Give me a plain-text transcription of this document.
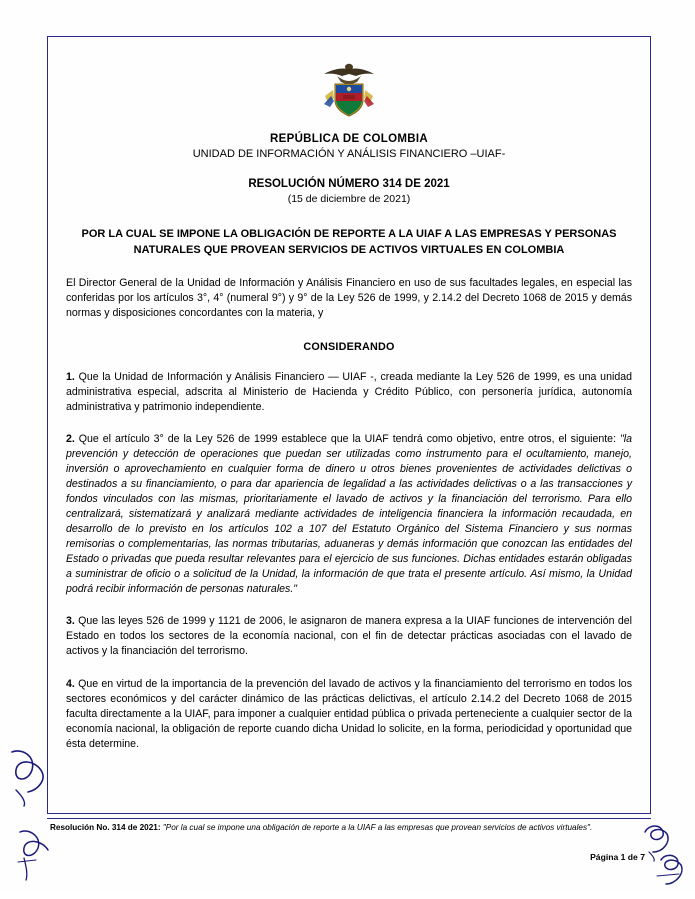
REPÚBLICA DE COLOMBIA
UNIDAD DE INFORMACIÓN Y ANÁLISIS FINANCIERO –UIAF-
RESOLUCIÓN NÚMERO 314 DE 2021
(15 de diciembre de 2021)
POR LA CUAL SE IMPONE LA OBLIGACIÓN DE REPORTE A LA UIAF A LAS EMPRESAS Y PERSONAS NATURALES QUE PROVEAN SERVICIOS DE ACTIVOS VIRTUALES EN COLOMBIA
El Director General de la Unidad de Información y Análisis Financiero en uso de sus facultades legales, en especial las conferidas por los artículos 3°, 4° (numeral 9°) y 9° de la Ley 526 de 1999, y 2.14.2 del Decreto 1068 de 2015 y demás normas y disposiciones concordantes con la materia, y
CONSIDERANDO
1. Que la Unidad de Información y Análisis Financiero — UIAF -, creada mediante la Ley 526 de 1999, es una unidad administrativa especial, adscrita al Ministerio de Hacienda y Crédito Público, con personería jurídica, autonomía administrativa y patrimonio independiente.
2. Que el artículo 3° de la Ley 526 de 1999 establece que la UIAF tendrá como objetivo, entre otros, el siguiente: "la prevención y detección de operaciones que puedan ser utilizadas como instrumento para el ocultamiento, manejo, inversión o aprovechamiento en cualquier forma de dinero u otros bienes provenientes de actividades delictivas o destinados a su financiamiento, o para dar apariencia de legalidad a las actividades delictivas o a las transacciones y fondos vinculados con las mismas, prioritariamente el lavado de activos y la financiación del terrorismo. Para ello centralizará, sistematizará y analizará mediante actividades de inteligencia financiera la información recaudada, en desarrollo de lo previsto en los artículos 102 a 107 del Estatuto Orgánico del Sistema Financiero y sus normas remisorias o complementarias, las normas tributarias, aduaneras y demás información que conozcan las entidades del Estado o privadas que pueda resultar relevantes para el ejercicio de sus funciones. Dichas entidades estarán obligadas a suministrar de oficio o a solicitud de la Unidad, la información de que trata el presente artículo. Así mismo, la Unidad podrá recibir información de personas naturales."
3. Que las leyes 526 de 1999 y 1121 de 2006, le asignaron de manera expresa a la UIAF funciones de intervención del Estado en todos los sectores de la economía nacional, con el fin de detectar prácticas asociadas con el lavado de activos y la financiación del terrorismo.
4. Que en virtud de la importancia de la prevención del lavado de activos y la financiamiento del terrorismo en todos los sectores económicos y del carácter dinámico de las prácticas delictivas, el artículo 2.14.2 del Decreto 1068 de 2015 faculta directamente a la UIAF, para imponer a cualquier entidad pública o privada perteneciente a cualquier sector de la economía nacional, la obligación de reporte cuando dicha Unidad lo solicite, en la forma, periodicidad y oportunidad que ésta determine.
Resolución No. 314 de 2021: "Por la cual se impone una obligación de reporte a la UIAF a las empresas que provean servicios de activos virtuales".
Página 1 de 7
